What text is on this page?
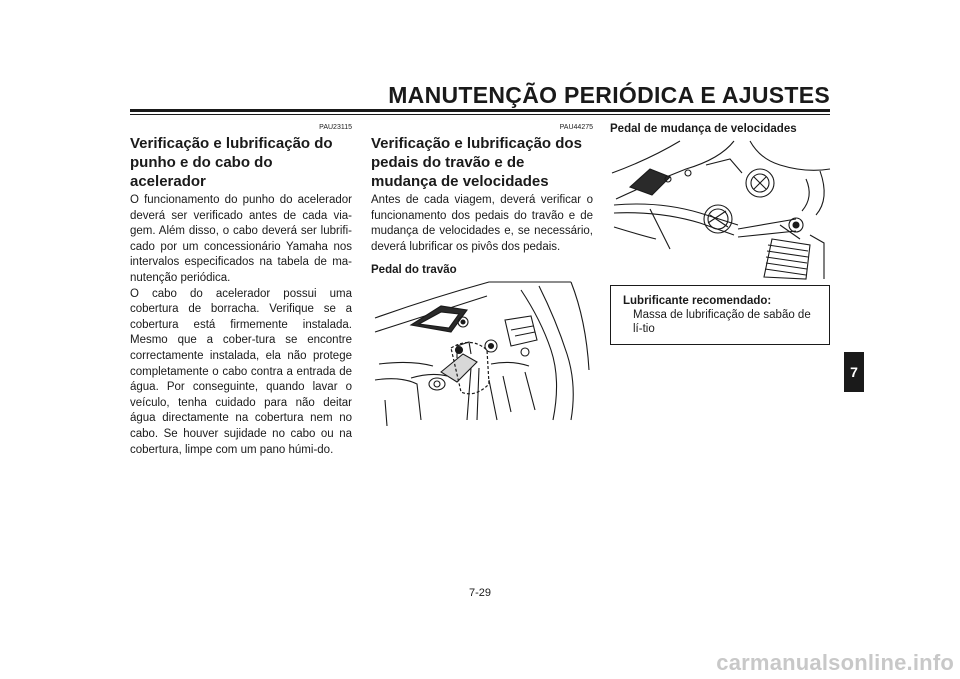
MANUTENÇÃO PERIÓDICA E AJUSTES
PAU23115
Verificação e lubrificação do punho e do cabo do acelerador

O funcionamento do punho do acelerador deverá ser verificado antes de cada via-gem. Além disso, o cabo deverá ser lubrifi-cado por um concessionário Yamaha nos intervalos especificados na tabela de ma-nutenção periódica.

O cabo do acelerador possui uma cobertura de borracha. Verifique se a cobertura está firmemente instalada. Mesmo que a cober-tura se encontre correctamente instalada, ela não protege completamente o cabo contra a entrada de água. Por conseguinte, quando lavar o veículo, tenha cuidado para não deitar água directamente na cobertura nem no cabo. Se houver sujidade no cabo ou na cobertura, limpe com um pano húmi-do.

PAU44275
Verificação e lubrificação dos pedais do travão e de mudança de velocidades

Antes de cada viagem, deverá verificar o funcionamento dos pedais do travão e de mudança de velocidades e, se necessário, deverá lubrificar os pivôs dos pedais.

Pedal do travão
Pedal de mudança de velocidades
Lubrificante recomendado:
Massa de lubrificação de sabão de lí-tio
7
7-29
carmanualsonline.info
